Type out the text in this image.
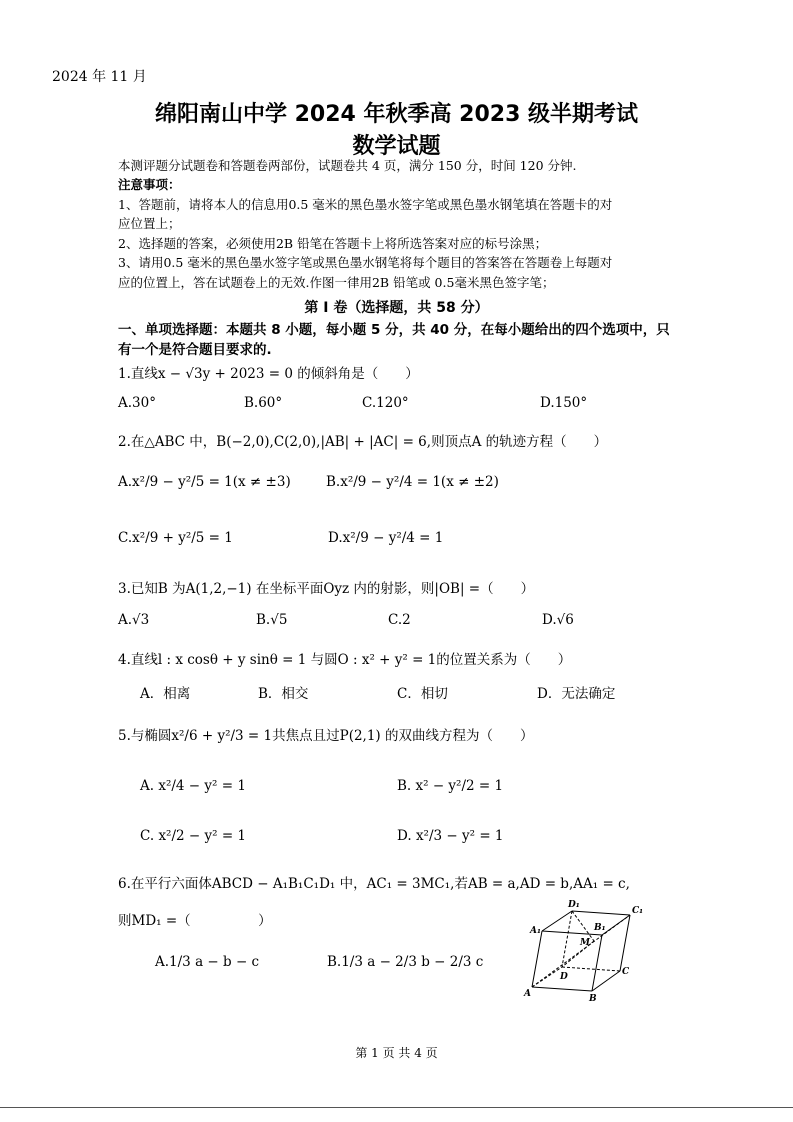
2024 年 11 月
绵阳南山中学 2024 年秋季高 2023 级半期考试
数学试题
本测评题分试题卷和答题卷两部份，试题卷共 4 页，满分 150 分，时间 120 分钟.
注意事项：
1、答题前，请将本人的信息用0.5 毫米的黑色墨水签字笔或黑色墨水钢笔填在答题卡的对
应位置上；
2、选择题的答案，必须使用2B 铅笔在答题卡上将所选答案对应的标号涂黑；
3、请用0.5 毫米的黑色墨水签字笔或黑色墨水钢笔将每个题目的答案答在答题卷上每题对
应的位置上，答在试题卷上的无效.作图一律用2B 铅笔或 0.5毫米黑色签字笔；
第 Ⅰ 卷（选择题，共 58 分）
一、单项选择题：本题共 8 小题，每小题 5 分，共 40 分，在每小题给出的四个选项中，只
有一个是符合题目要求的.
1.直线x − √3y + 2023 = 0 的倾斜角是（　　）
A.30°	B.60°	C.120°	D.150°
2.在△ABC 中，B(−2,0),C(2,0),|AB| + |AC| = 6,则顶点A 的轨迹方程（　　）
A.x²/9 − y²/5 = 1(x ≠ ±3)	B.x²/9 − y²/4 = 1(x ≠ ±2)
C.x²/9 + y²/5 = 1	D.x²/9 − y²/4 = 1
3.已知B 为A(1,2,−1) 在坐标平面Oyz 内的射影，则|OB| =（　　）
A.√3	B.√5	C.2	D.√6
4.直线l : x cosθ + y sinθ = 1 与圆O : x² + y² = 1的位置关系为（　　）
A．相离	B．相交	C．相切	D．无法确定
5.与椭圆x²/6 + y²/3 = 1共焦点且过P(2,1) 的双曲线方程为（　　）
A. x²/4 − y² = 1	B. x² − y²/2 = 1
C. x²/2 − y² = 1	D. x²/3 − y² = 1
6.在平行六面体ABCD − A₁B₁C₁D₁ 中，AC₁ = 3MC₁,若AB = a,AD = b,AA₁ = c,
则MD₁ =（　　　　　）
A.1/3 a − b − c	B.1/3 a − 2/3 b − 2/3 c
A₁
D₁
C₁
B₁
M
D	C
B
A
第 1 页 共 4 页
